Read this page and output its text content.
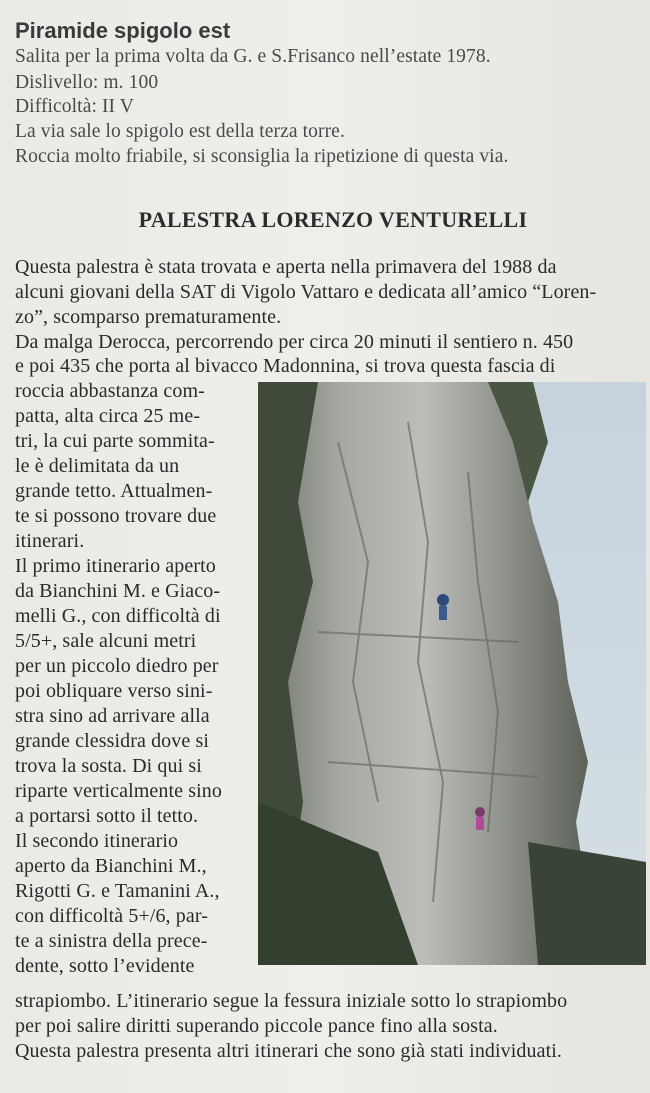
Piramide spigolo est
Salita per la prima volta da G. e S.Frisanco nell’estate 1978.
Dislivello: m. 100
Difficoltà: II V
La via sale lo spigolo est della terza torre.
Roccia molto friabile, si sconsiglia la ripetizione di questa via.
PALESTRA LORENZO VENTURELLI
Questa palestra è stata trovata e aperta nella primavera del 1988 da
alcuni giovani della SAT di Vigolo Vattaro e dedicata all’amico “Loren-
zo”, scomparso prematuramente.
Da malga Derocca, percorrendo per circa 20 minuti il sentiero n. 450
e poi 435 che porta al bivacco Madonnina, si trova questa fascia di
roccia abbastanza com-
patta, alta circa 25 me-
tri, la cui parte sommita-
le è delimitata da un
grande tetto. Attualmen-
te si possono trovare due
itinerari.
Il primo itinerario aperto
da Bianchini M. e Giaco-
melli G., con difficoltà di
5/5+, sale alcuni metri
per un piccolo diedro per
poi obliquare verso sini-
stra sino ad arrivare alla
grande clessidra dove si
trova la sosta. Di qui si
riparte verticalmente sino
a portarsi sotto il tetto.
Il secondo itinerario
aperto da Bianchini M.,
Rigotti G. e Tamanini A.,
con difficoltà 5+/6, par-
te a sinistra della prece-
dente, sotto l’evidente
strapiombo. L’itinerario segue la fessura iniziale sotto lo strapiombo
per poi salire diritti superando piccole pance fino alla sosta.
Questa palestra presenta altri itinerari che sono già stati individuati.
